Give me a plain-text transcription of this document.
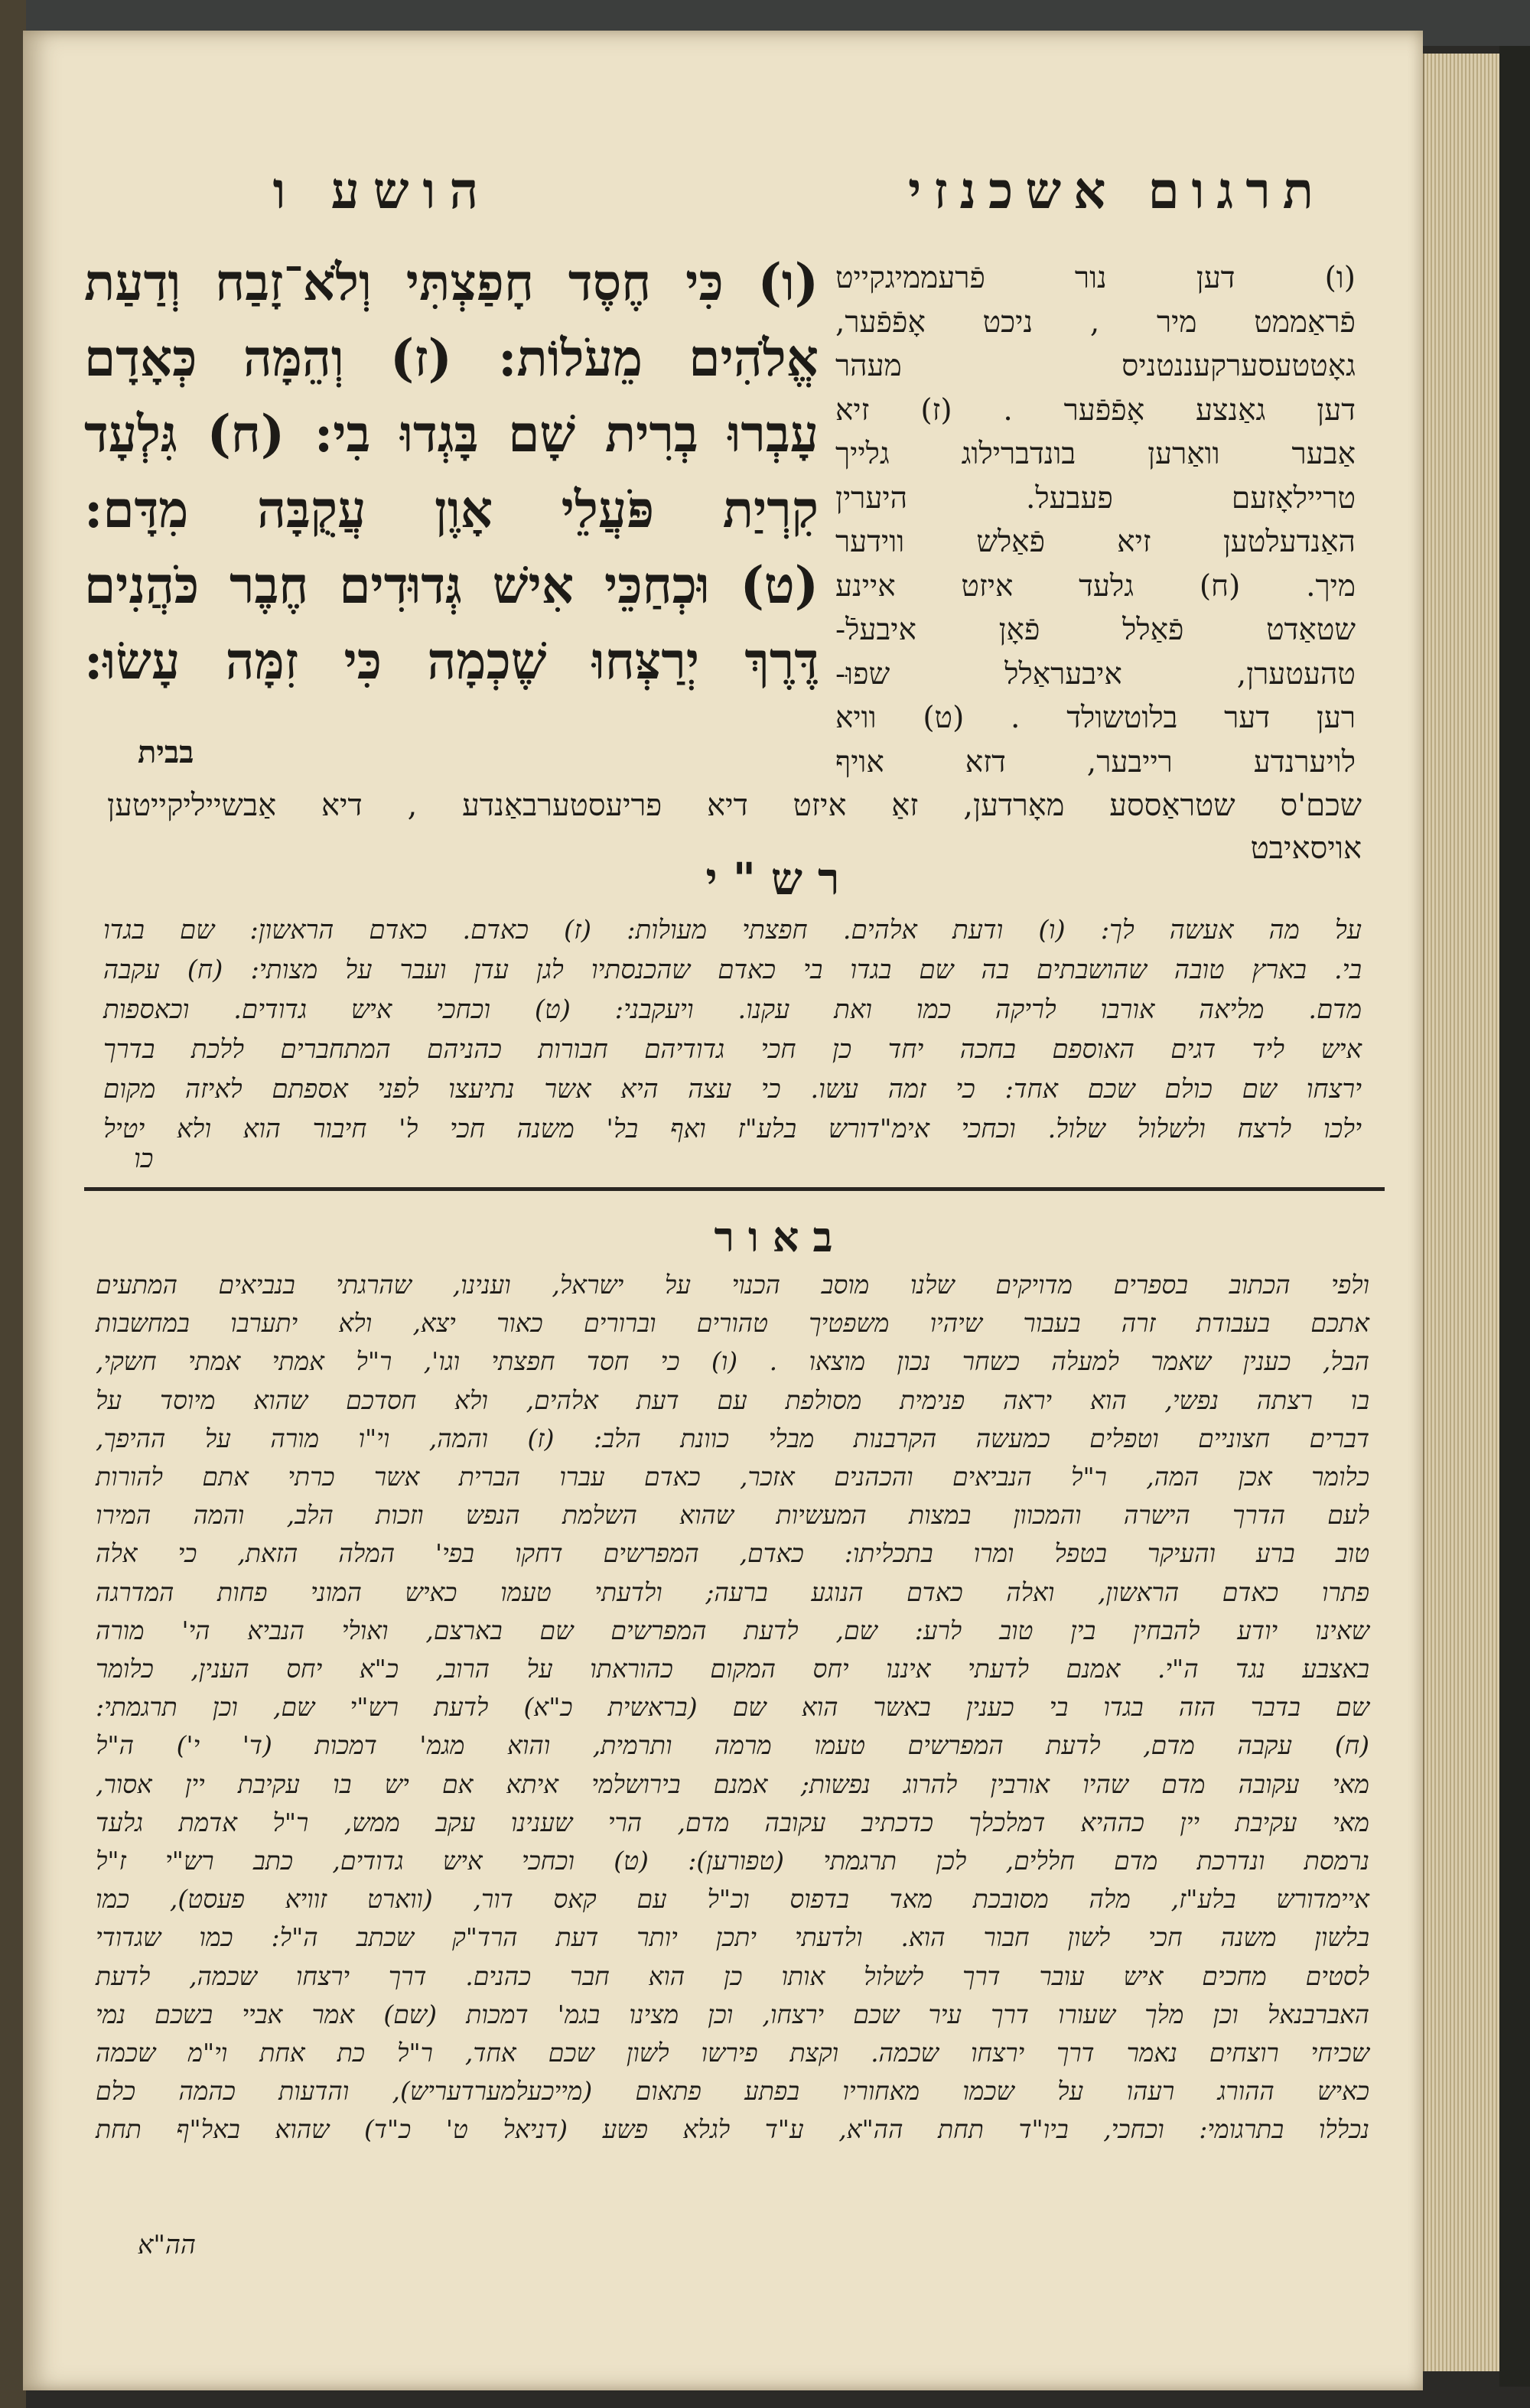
תרגום אשכנזי
הושע ו
(ו) דען נור פֿרעממיגקייט
פֿראַממט מיר , ניכט אָפֿפֿער,
גאָטטעסערקעננטניס מעהר
דען גאַנצע אָפֿפֿער . (ז) זיא
אַבער וואַרען בונדברילוג גלייך
טריילאָזעם פעבעל. היערין
האַנדעלטען זיא פֿאַלש ווידער
מיך. (ח) גלעד איזט איינע
שטאַדט פֿאַלל פֿאָן איבעלֿ-
טהעטערן, איבעראַלל שפוּ-
רען דער בלוטשולד . (ט) וויא
לויערנדע רייבער, דזא אויף
(ו) כִּי חֶסֶד חָפַצְתִּי וְלֹא־זָבַח וְדַעַת
אֱלֹהִים מֵעֹלוֹת: (ז) וְהֵמָּה כְּאָדָם
עָבְרוּ בְרִית שָׁם בָּגְדוּ בִי: (ח) גִּלְעָד
קִרְיַת פֹּעֲלֵי אָוֶן עֲקֻבָּה מִדָּם:
(ט) וּכְחַכֵּי אִישׁ גְּדוּדִים חֶבֶר כֹּהֲנִים
דֶּרֶךְ יְרַצְּחוּ שֶׁכְמָה כִּי זִמָּה עָשׂוּ:
בבית
שכם'ס שטראַססע מאָרדען, זאַ איזט דיא פריעסטערבאַנדע , דיא אַבשייליקייטען
אויסאיבט
רש"י
על מה אעשה לך: (ו) ודעת אלהים. חפצתי מעולות: (ז) כאדם. כאדם הראשון: שם בגדו
בי. בארץ טובה שהושבתים בה שם בגדו בי כאדם שהכנסתיו לגן עדן ועבר על מצותי: (ח) עקבה
מדם. מליאה אורבו לריקה כמו ואת עקנו. ויעקבני: (ט) וכחכי איש גדודים. וכאספות
איש ליד דגים האוספם בחכה יחד כן חכי גדודיהם חבורות כהניהם המתחברים ללכת בדרך
ירצחו שם כולם שכם אחד: כי זמה עשו. כי עצה היא אשר נתיעצו לפני אספתם לאיזה מקום
ילכו לרצח ולשלול שלול. וכחכי אימ"דורש בלע"ז ואף בל' משנה חכי ל' חיבור הוא ולא יטיל
כו
באור
ולפי הכתוב בספרים מדויקים שלנו מוסב הכנוי על ישראל, וענינו, שהרגתי בנביאים המתעים
אתכם בעבודת זרה בעבור שיהיו משפטיך טהורים וברורים כאור יצא, ולא יתערבו במחשבות
הבל, כענין שאמר למעלה כשחר נכון מוצאו . (ו) כי חסד חפצתי וגו', ר"ל אמתי אמתי חשקי,
בו רצתה נפשי, הוא יראה פנימית מסולפת עם דעת אלהים, ולא חסדכם שהוא מיוסד על
דברים חצוניים וטפלים כמעשה הקרבנות מבלי כוונת הלב: (ז) והמה, וי"ו מורה על ההיפך,
כלומר אכן המה, ר"ל הנביאים והכהנים אזכר, כאדם עברו הברית אשר כרתי אתם להורות
לעם הדרך הישרה והמכוון במצות המעשיות שהוא השלמת הנפש וזכות הלב, והמה המירו
טוב ברע והעיקר בטפל ומרו בתכליתו: כאדם, המפרשים דחקו בפי' המלה הזאת, כי אלה
פתרו כאדם הראשון, ואלה כאדם הנוגע ברעה; ולדעתי טעמו כאיש המוני פחות המדרגה
שאינו יודע להבחין בין טוב לרע: שם, לדעת המפרשים שם בארצם, ואולי הנביא הי' מורה
באצבע נגד ה"י. אמנם לדעתי איננו יחס המקום כהוראתו על הרוב, כ"א יחס הענין, כלומר
שם בדבר הזה בגדו בי כענין באשר הוא שם (בראשית כ"א) לדעת רש"י שם, וכן תרגמתי:
(ח) עקבה מדם, לדעת המפרשים טעמו מרמה ותרמית, והוא מגמ' דמכות (ד' י') ה"ל
מאי עקובה מדם שהיו אורבין להרוג נפשות; אמנם בירושלמי איתא אם יש בו עקיבת יין אסור,
מאי עקיבת יין כההיא דמלכלך כדכתיב עקובה מדם, הרי שענינו עקב ממש, ר"ל אדמת גלעד
נרמסת ונדרכת מדם חללים, לכן תרגמתי (טפורען): (ט) וכחכי איש גדודים, כתב רש"י ז"ל
איימדורש בלע"ז, מלה מסובכת מאד בדפוס וכ"ל עם קאס דור, (ווארט זוויא פעסט), כמו
בלשון משנה חכי לשון חבור הוא. ולדעתי יתכן יותר דעת הרד"ק שכתב ה"ל: כמו שגדודי
לסטים מחכים איש עובר דרך לשלול אותו כן הוא חבר כהנים. דרך ירצחו שכמה, לדעת
האברבנאל וכן מלך שעורו דרך עיר שכם ירצחו, וכן מצינו בגמ' דמכות (שם) אמר אביי בשכם נמי
שכיחי רוצחים נאמר דרך ירצחו שכמה. וקצת פירשו לשון שכם אחד, ר"ל כת אחת וי"מ שכמה
כאיש ההורג רעהו על שכמו מאחוריו בפתע פתאום (מייכעלמערדעריש), והדעות כהמה כלם
נכללו בתרגומי: וכחכי, ביו"ד תחת הה"א, ע"ד לגלא פשע (דניאל ט' כ"ד) שהוא באל"ף תחת
הה"א
